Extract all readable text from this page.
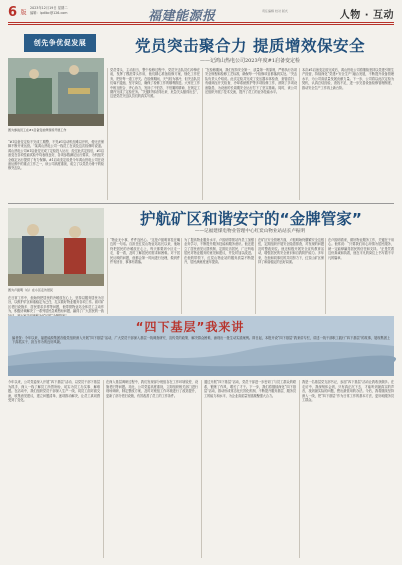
6 版
2023年12月19日 星期二
编辑：lpdlbc@126.com	福建能源报	责任编辑 校对 版式	人物 · 互动
创先争优促发展	党员突击聚合力 提质增效保安全
——记鸿山热电公司2023年度#1启备变定检
图为参战员工在#1启备变检修现场开展工作
“#1启备变定检不完成工期整，不见#1启动机组难以开机，便无法保障不断开来运营。”某鸿山热电公司一线员工在谈及这次检修时说道。鸿山热电公司#1启备变完成了定检投入运行，经过此次定检后，#1启备变在各项性能试验中均表现良好，各项参数满足运行要求，为机组安全稳定运行提供了有力保障。#1启动变定检是今年鸿山热电公司在设备运维中的重点工作之一，该公司高度重视，成立了以党员为骨干的检修突击队。
党员带头、主动担当，整个检修过程中，党员突击队员们冲锋在前，发挥了模范带头作用，他们精心准备检修方案，细化工作任务，把好每一道工序关。在检修期间，天气较为寒冷，但突击队员们毫不退缩，坚守岗位，确保了检修工作的顺利推进。大家在工作中相互配合、齐心协力，发扬了不怕苦、不怕累的精神，在规定工期内完成了定检任务。“关键时刻站得出来、危急关头豁得出去”，这是党员突击队员们的真实写照。
“在检修期间，我们坚持安全第一、质量第一的原则，严格执行各项安全规程和检修工艺标准，确保每一个检修项目都落到实处。”突击队负责人介绍说。此次定检共完成了变压器本体检查、套管清扫、有载调压开关检查、冷却系统维护等多项检修工作，消除了多项设备隐患，为设备的长周期安全运行打下了坚实基础。同时，该公司还组织开展了技术交流，提升了员工的业务技能水平。
本次#1启备变定检完成后，鸿山热电公司将继续坚持以党建引领生产经营，持续深化“党建+安全生产”融合发展，不断提升设备管理水平，为公司高质量发展贡献力量。下一步，公司将以此次定检为契机，认真总结经验，查找不足，进一步完善设备检修管理制度，推动安全生产工作再上新台阶。
护航矿区和谐安宁的“金牌管家”
——记福建煤电物业管理中心红炭山物业站站长卢振明
图为卢振明（右）在小区走访居民
在日常工作中，他始终把居民的冷暖放在心上，坚持以服务居民为宗旨，以维护矿区和谐稳定为己任，扎实做好物业服务各项工作。面对矿区老旧设施多、居民需求多样等问题，他带领物业站全体员工主动作为，积极协调解决了一系列居民急难愁盼问题，赢得了广大居民的一致
“物业无小事，件件连民心。”这是卢振明常挂在嘴边的一句话。自担任红炭山物业站站长以来，他始终把居民的冷暖放在心上，每天都要到小区走一走、看一看，及时了解居民的需求和困难。对于居民反映的问题，他都会第一时间进行处理，做到件件有回音、事事有着落。
为了提高物业服务水平，卢振明带领站内员工加强业务学习，不断提升服务技能和服务意识。他还建立了居民意见反馈机制，定期走访居民，广泛听取居民对物业服务的意见和建议，并及时加以改进。在他的带领下，红炭山物业站的服务质量不断提升，居民满意度逐年提高。
在矿区安全管理方面，卢振明始终绷紧安全这根弦，定期组织开展安全隐患排查，对发现的问题及时整改到位。他还积极开展安全宣传教育活动，增强居民的安全意识和自我防护能力。多年来，在他和同事们的共同努力下，红炭山矿区保持了和谐稳定的良好局面。
在卢振明看来，做好物业服务工作，关键在于用心。他常说：“只要我们用心用情为居民服务，就一定能够赢得居民的信任和支持。”正是凭着这份真诚和执着，他在平凡的岗位上书写着不平凡的篇章。
“四下基层”我来讲
编者按：今年以来，福建能源集团各级党组织深入开展“四下基层”活动，广大党员干部深入基层一线调查研究、宣传党的政策、解决群众困难，涌现出一批生动实践案例。即日起，本报开设“四下基层”我来讲专栏，讲述一线干部职工践行“四下基层”的故事，展现集团上下真抓实干、担当作为的良好风貌。
今年以来，公司党委深入开展“四下基层”活动，以党员干部下基层为抓手，深入一线了解员工所思所盼，切实为员工办实事、解难题。在活动中，我们组织党员干部深入生产一线，同员工面对面交流，收集意见建议，建立问题清单，逐项推动解决，让员工真切感受到了变化。
在深入基层调研过程中，我们发现部分班组存在工作环境较差、设施老旧等问题。对此，公司党委高度重视，立即组织相关部门进行现场调研，制定整改方案，及时对班组工作环境进行了改造提升，更新了部分老旧设施，有效改善了员工的工作条件。
通过开展“四下基层”活动，党员干部进一步密切了与员工群众的联系，锻炼了作风，增长了才干。下一步，我们将继续深化“四下基层”活动，推动形成常态化长效化机制，不断提升服务基层、服务员工的能力和水平，为企业高质量发展凝聚强大合力。
我是一名基层党支部书记，参加“四下基层”活动让我收获颇多。在走访中，我深刻体会到，只有真正沉下去，才能听到最真实的声音，找到最实际的问题，想出最管用的办法。今后，我将继续坚持深入一线，把“四下基层”作为日常工作的基本方法，更好地服务员工群众。
